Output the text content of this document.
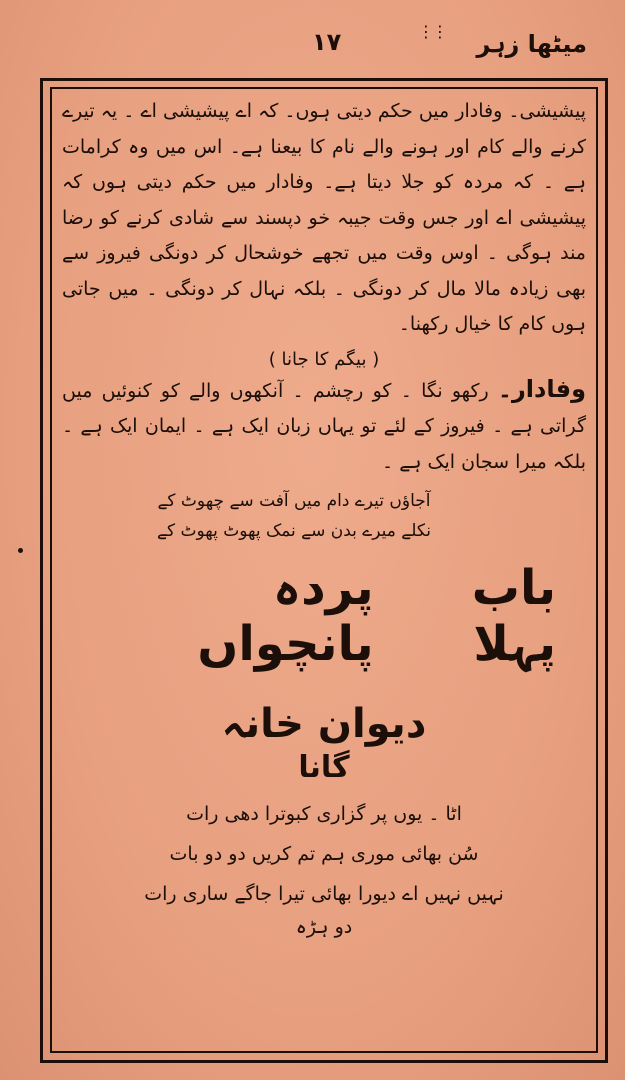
میٹھا زہر
⋮⋮
۱۷

پیشیشی۔ وفادار میں حکم دیتی ہوں۔ کہ اے پیشیشی اے ۔ یہ تیرے کرنے والے کام اور ہونے والے نام کا بیعنا ہے۔ اس میں وہ کرامات ہے ۔ کہ مردہ کو جلا دیتا ہے۔ وفادار میں حکم دیتی ہوں کہ پیشیشی اے اور جس وقت جیبہ خو دپسند سے شادی کرنے کو رضا مند ہوگی ۔ اوس وقت میں تجھے خوشحال کر دونگی فیروز سے بھی زیادہ مالا مال کر دونگی ۔ بلکہ نہال کر دونگی ۔ میں جاتی ہوں کام کا خیال رکھنا۔

( بیگم کا جانا )

وفادار۔ رکھو نگا ۔ کو رچشم ۔ آنکھوں والے کو کنوئیں میں گراتی ہے ۔ فیروز کے لئے تو یہاں زبان ایک ہے ۔ ایمان ایک ہے ۔ بلکہ میرا سجان ایک ہے ۔

آجاؤں تیرے دام میں آفت سے چھوٹ کے
نکلے میرے بدن سے نمک پھوٹ پھوٹ کے
باب پہلا
پردہ پانچواں
دیوان خانہ
گانا
اٹا ۔ یوں پر گزاری کبوترا دھی رات
سُن بھائی موری ہم تم کریں دو دو بات
نہیں نہیں اے دیورا بھائی تیرا جاگے ساری رات
دو ہڑہ
